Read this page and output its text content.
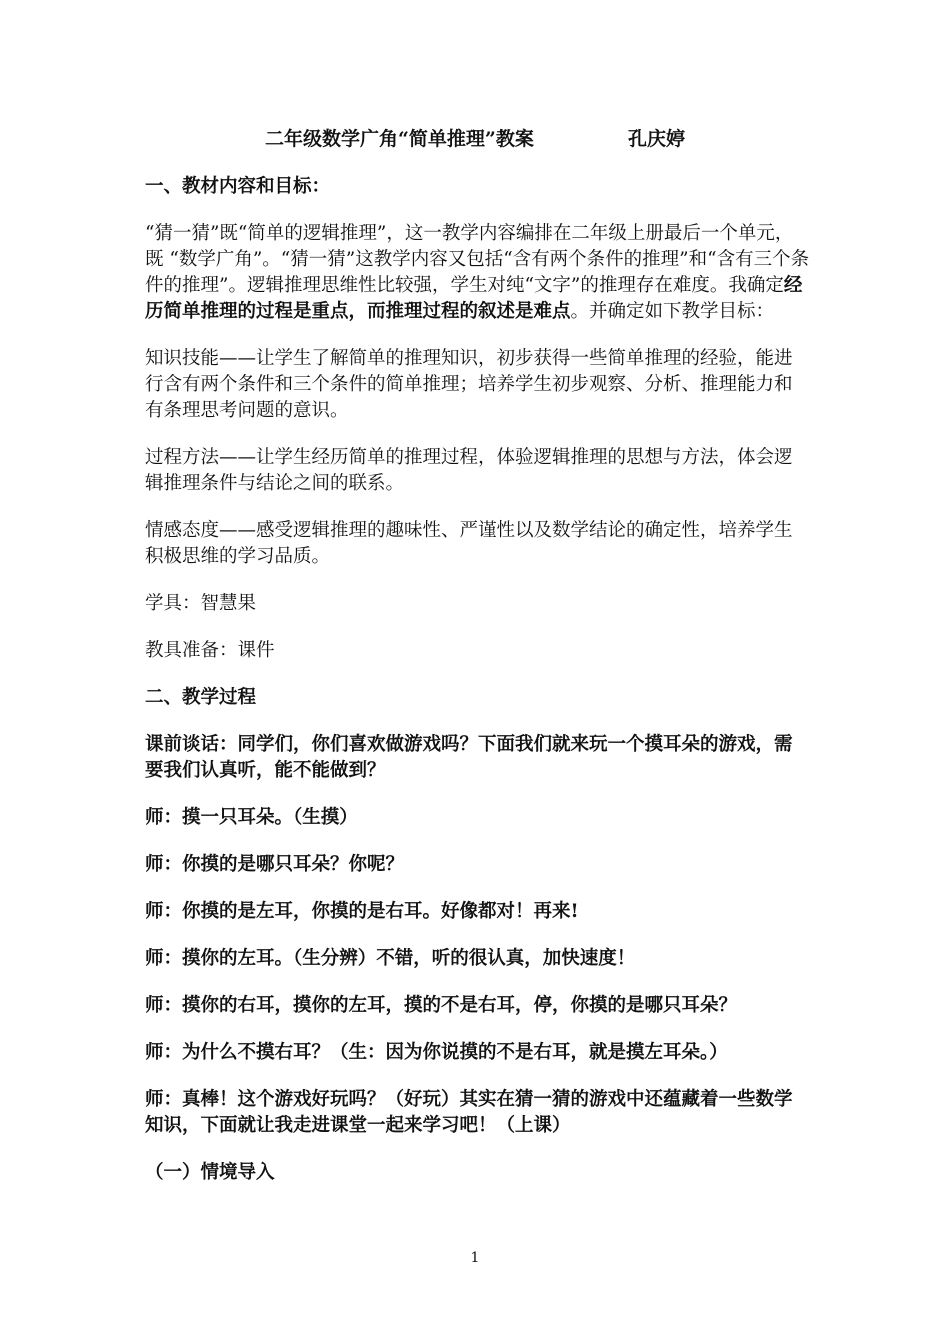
二年级数学广角“简单推理”教案	孔庆婷

一、教材内容和目标：

“猜一猜”既“简单的逻辑推理”，这一教学内容编排在二年级上册最后一个单元，既 “数学广角”。“猜一猜”这教学内容又包括“含有两个条件的推理”和“含有三个条件的推理”。逻辑推理思维性比较强，学生对纯“文字”的推理存在难度。我确定经历简单推理的过程是重点，而推理过程的叙述是难点。并确定如下教学目标：

知识技能——让学生了解简单的推理知识，初步获得一些简单推理的经验，能进行含有两个条件和三个条件的简单推理；培养学生初步观察、分析、推理能力和有条理思考问题的意识。

过程方法——让学生经历简单的推理过程，体验逻辑推理的思想与方法，体会逻辑推理条件与结论之间的联系。

情感态度——感受逻辑推理的趣味性、严谨性以及数学结论的确定性，培养学生积极思维的学习品质。

学具：智慧果

教具准备：课件

二、教学过程

课前谈话：同学们，你们喜欢做游戏吗？下面我们就来玩一个摸耳朵的游戏，需要我们认真听，能不能做到？

师：摸一只耳朵。（生摸）

师：你摸的是哪只耳朵？你呢？

师：你摸的是左耳，你摸的是右耳。好像都对！再来!

师：摸你的左耳。（生分辨）不错，听的很认真，加快速度！

师：摸你的右耳，摸你的左耳，摸的不是右耳，停，你摸的是哪只耳朵？

师：为什么不摸右耳？（生：因为你说摸的不是右耳，就是摸左耳朵。）

师：真棒！这个游戏好玩吗？（好玩）其实在猜一猜的游戏中还蕴藏着一些数学知识，下面就让我走进课堂一起来学习吧！（上课）

（一）情境导入

1
